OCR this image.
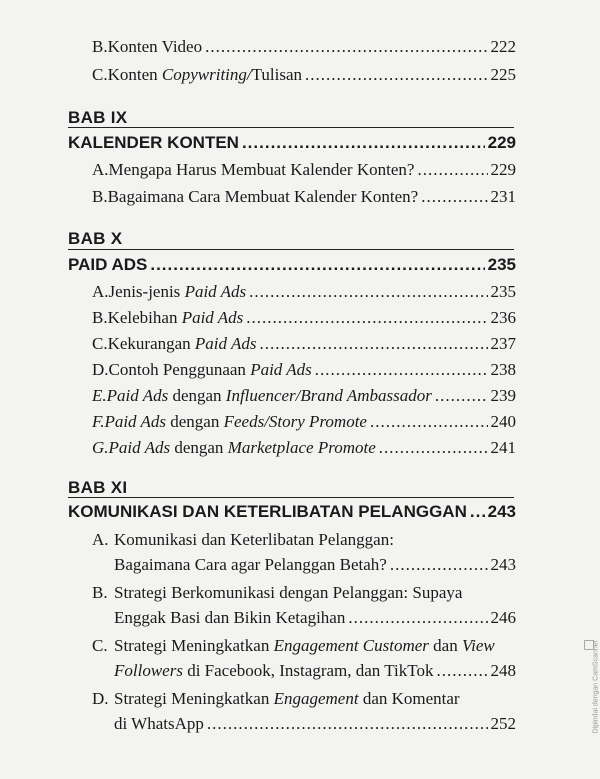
B. Konten Video .....	222
C. Konten Copywriting/Tulisan .....	225
BAB IX
KALENDER KONTEN .....	229
A. Mengapa Harus Membuat Kalender Konten? .....	229
B. Bagaimana Cara Membuat Kalender Konten? .....	231
BAB X
PAID ADS .....	235
A. Jenis-jenis Paid Ads .....	235
B. Kelebihan Paid Ads .....	236
C. Kekurangan Paid Ads .....	237
D. Contoh Penggunaan Paid Ads .....	238
E. Paid Ads dengan Influencer/Brand Ambassador .....	239
F. Paid Ads dengan Feeds/Story Promote .....	240
G. Paid Ads dengan Marketplace Promote .....	241
BAB XI
KOMUNIKASI DAN KETERLIBATAN PELANGGAN ..... 243
A. Komunikasi dan Keterlibatan Pelanggan:
Bagaimana Cara agar Pelanggan Betah? .....	243
B. Strategi Berkomunikasi dengan Pelanggan: Supaya
Enggak Basi dan Bikin Ketagihan .....	246
C. Strategi Meningkatkan Engagement Customer dan View
Followers di Facebook, Instagram, dan TikTok .....	248
D. Strategi Meningkatkan Engagement dan Komentar
di WhatsApp .....	252	Dipindai dengan CamScanner
